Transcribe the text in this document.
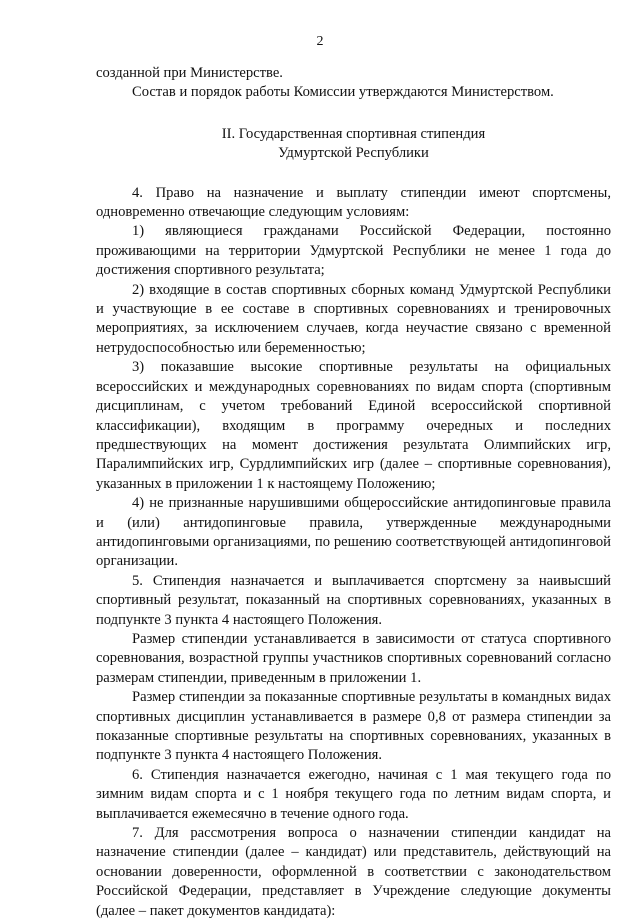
2

созданной при Министерстве.

Состав и порядок работы Комиссии утверждаются Министерством.

II. Государственная спортивная стипендия
Удмуртской Республики

4. Право на назначение и выплату стипендии имеют спортсмены, одновременно отвечающие следующим условиям:

1) являющиеся гражданами Российской Федерации, постоянно проживающими на территории Удмуртской Республики не менее 1 года до достижения спортивного результата;

2) входящие в состав спортивных сборных команд Удмуртской Республики и участвующие в ее составе в спортивных соревнованиях и тренировочных мероприятиях, за исключением случаев, когда неучастие связано с временной нетрудоспособностью или беременностью;

3) показавшие высокие спортивные результаты на официальных всероссийских и международных соревнованиях по видам спорта (спортивным дисциплинам, с учетом требований Единой всероссийской спортивной классификации), входящим в программу очередных и последних предшествующих на момент достижения результата Олимпийских игр, Паралимпийских игр, Сурдлимпийских игр (далее – спортивные соревнования), указанных в приложении 1 к настоящему Положению;

4) не признанные нарушившими общероссийские антидопинговые правила и (или) антидопинговые правила, утвержденные международными антидопинговыми организациями, по решению соответствующей антидопинговой организации.

5. Стипендия назначается и выплачивается спортсмену за наивысший спортивный результат, показанный на спортивных соревнованиях, указанных в подпункте 3 пункта 4 настоящего Положения.

Размер стипендии устанавливается в зависимости от статуса спортивного соревнования, возрастной группы участников спортивных соревнований согласно размерам стипендии, приведенным в приложении 1.

Размер стипендии за показанные спортивные результаты в командных видах спортивных дисциплин устанавливается в размере 0,8 от размера стипендии за показанные спортивные результаты на спортивных соревнованиях, указанных в подпункте 3 пункта 4 настоящего Положения.

6. Стипендия назначается ежегодно, начиная с 1 мая текущего года по зимним видам спорта и с 1 ноября текущего года по летним видам спорта, и выплачивается ежемесячно в течение одного года.

7. Для рассмотрения вопроса о назначении стипендии кандидат на назначение стипендии (далее – кандидат) или представитель, действующий на основании доверенности, оформленной в соответствии с законодательством Российской Федерации, представляет в Учреждение следующие документы (далее – пакет документов кандидата):
